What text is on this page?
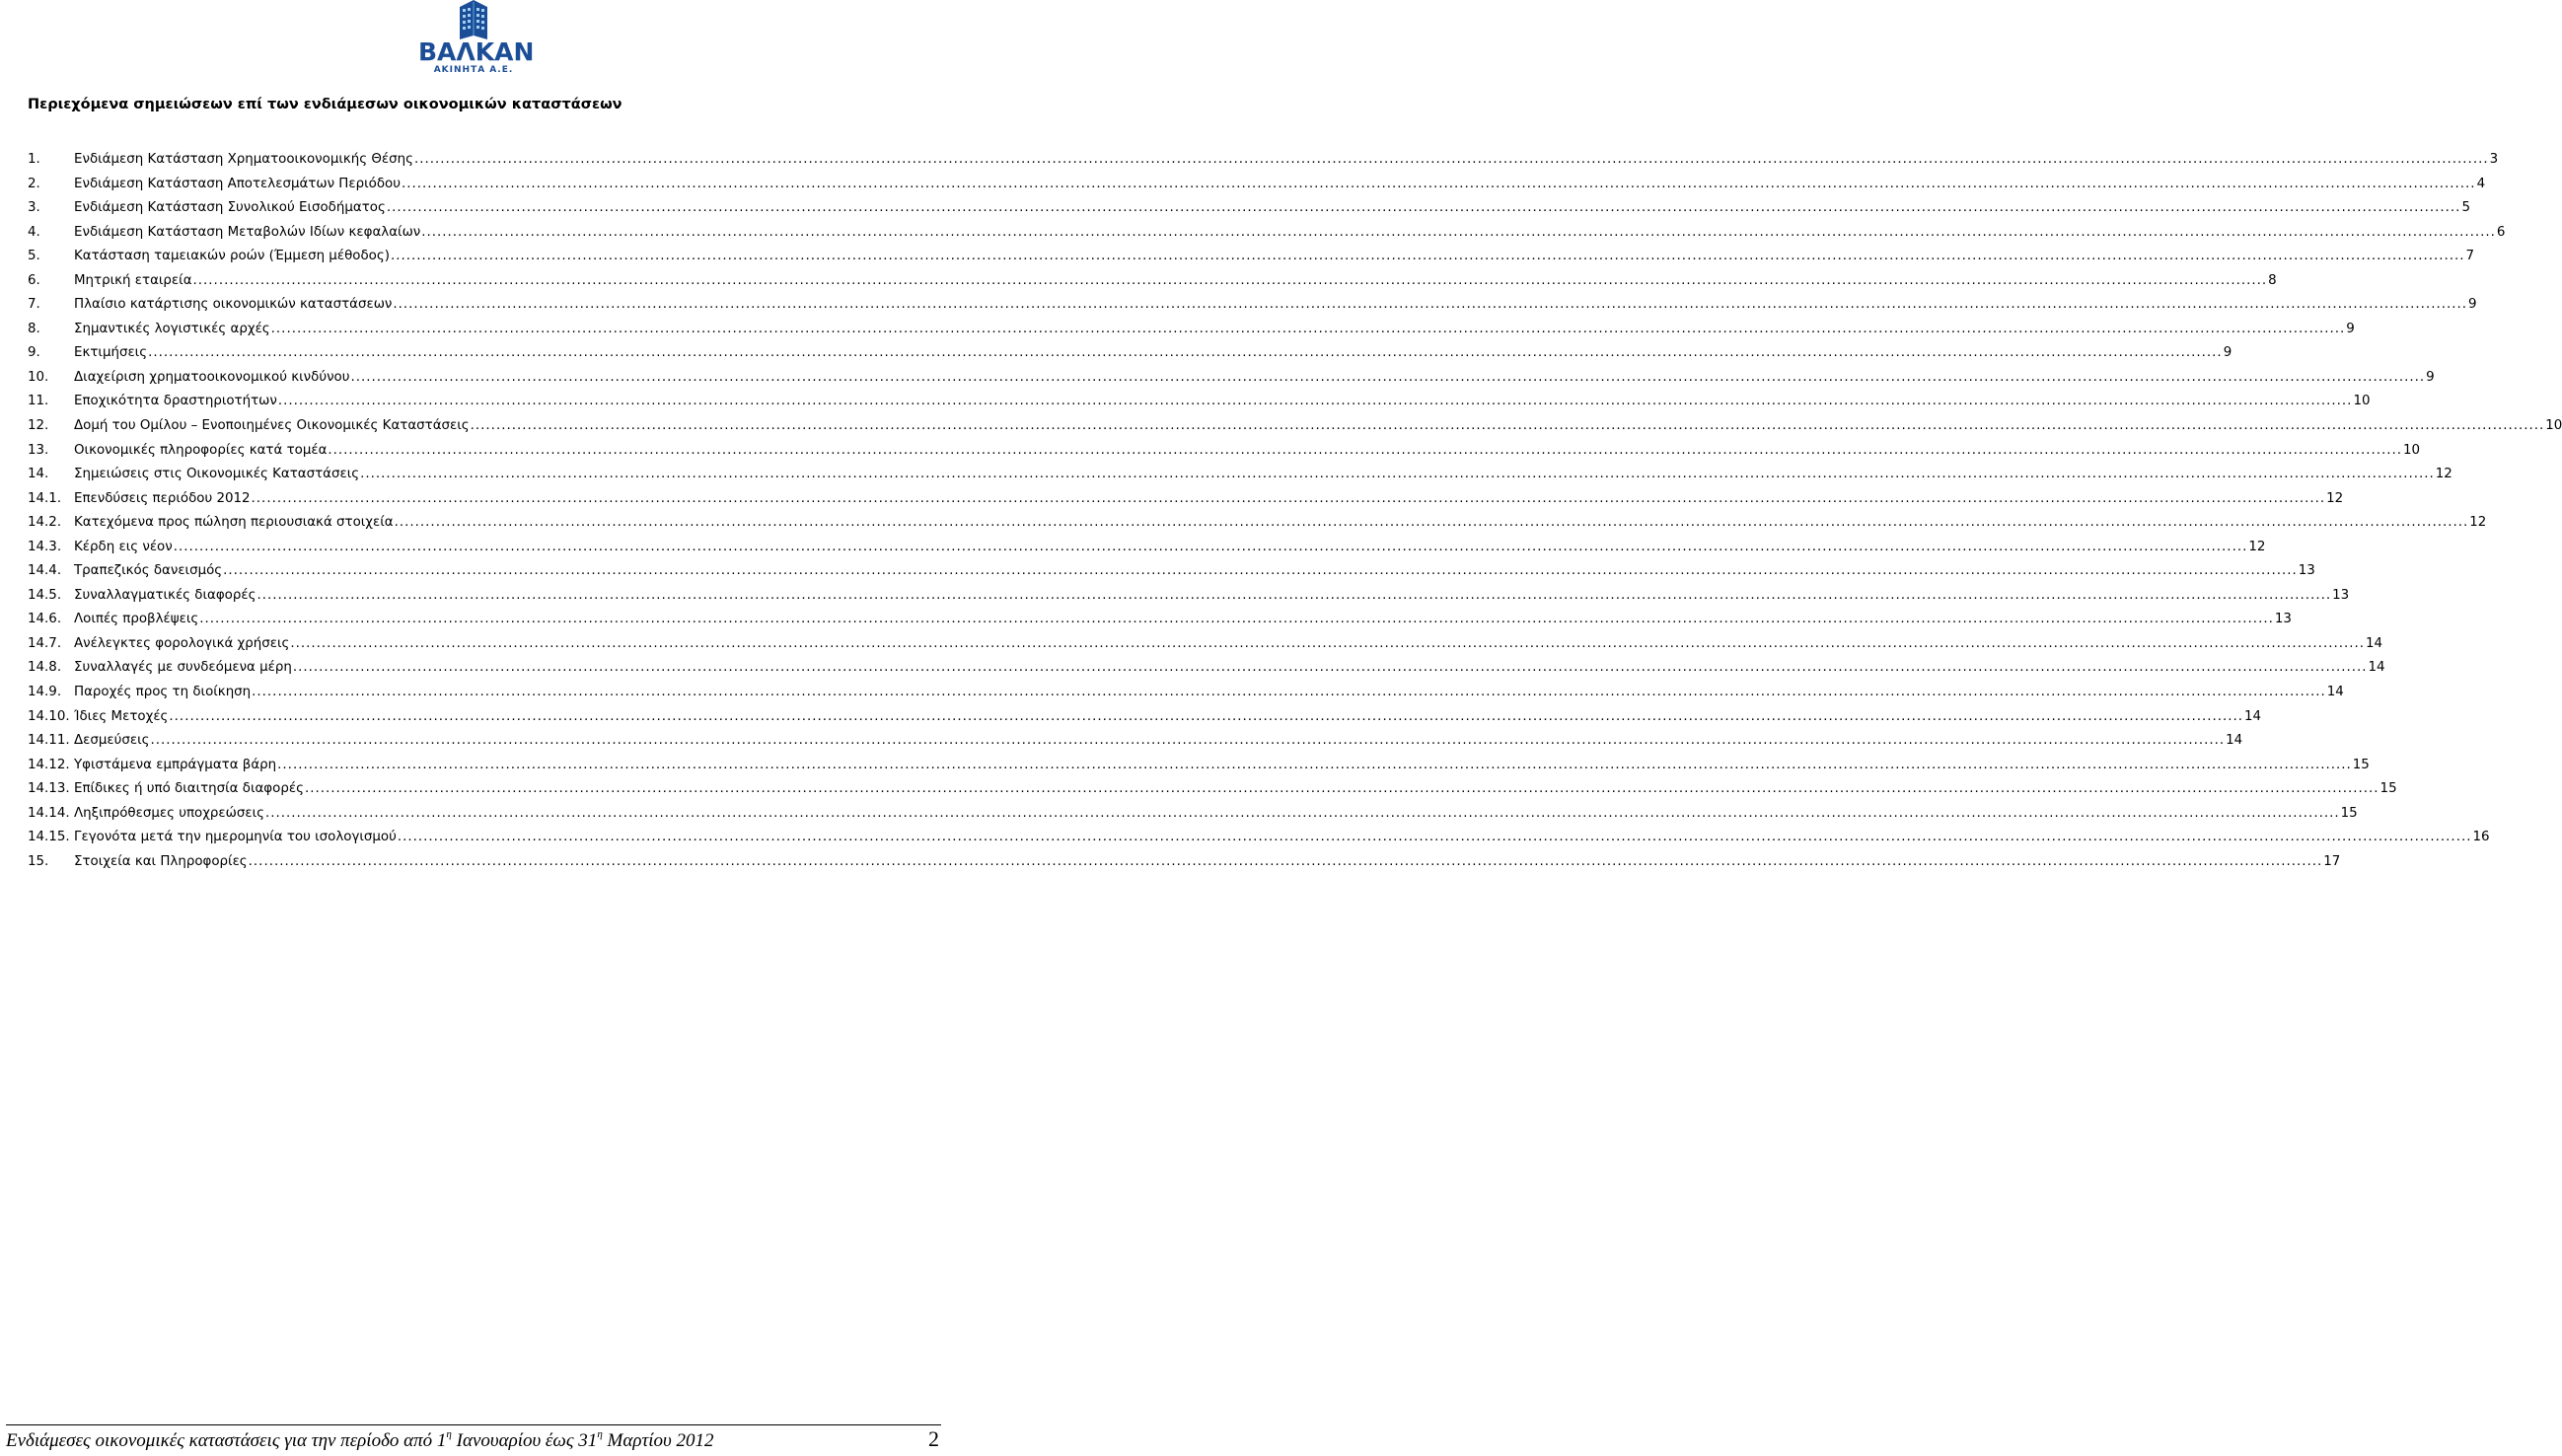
ΒΑΛΚΑΝ
ΑΚΙΝΗΤΑ Α.Ε.
Περιεχόμενα σημειώσεων επί των ενδιάμεσων οικονομικών καταστάσεων
1.	Ενδιάμεση Κατάσταση Χρηματοοικονομικής Θέσης ................................................................................................................................................................................................................................................................................................................................................................................................................ 3
2.	Ενδιάμεση Κατάσταση Αποτελεσμάτων Περιόδου ................................................................................................................................................................................................................................................................................................................................................................................................................ 4
3.	Ενδιάμεση Κατάσταση Συνολικού Εισοδήματος ................................................................................................................................................................................................................................................................................................................................................................................................................ 5
4.	Ενδιάμεση Κατάσταση Μεταβολών Ιδίων κεφαλαίων ................................................................................................................................................................................................................................................................................................................................................................................................................ 6
5.	Κατάσταση ταμειακών ροών (Έμμεση μέθοδος) ................................................................................................................................................................................................................................................................................................................................................................................................................ 7
6.	Μητρική εταιρεία ................................................................................................................................................................................................................................................................................................................................................................................................................ 8
7.	Πλαίσιο κατάρτισης οικονομικών καταστάσεων ................................................................................................................................................................................................................................................................................................................................................................................................................ 9
8.	Σημαντικές λογιστικές αρχές ................................................................................................................................................................................................................................................................................................................................................................................................................ 9
9.	Εκτιμήσεις ................................................................................................................................................................................................................................................................................................................................................................................................................ 9
10. Διαχείριση χρηματοοικονομικού κινδύνου ................................................................................................................................................................................................................................................................................................................................................................................................................ 9
11. Εποχικότητα δραστηριοτήτων ................................................................................................................................................................................................................................................................................................................................................................................................................ 10
12. Δομή του Ομίλου – Ενοποιημένες Οικονομικές Καταστάσεις ................................................................................................................................................................................................................................................................................................................................................................................................................ 10
13. Οικονομικές πληροφορίες κατά τομέα ................................................................................................................................................................................................................................................................................................................................................................................................................ 10
14. Σημειώσεις στις Οικονομικές Καταστάσεις ................................................................................................................................................................................................................................................................................................................................................................................................................ 12
14.1. Επενδύσεις περιόδου 2012 ................................................................................................................................................................................................................................................................................................................................................................................................................ 12
14.2. Κατεχόμενα προς πώληση περιουσιακά στοιχεία ................................................................................................................................................................................................................................................................................................................................................................................................................ 12
14.3. Κέρδη εις νέον ................................................................................................................................................................................................................................................................................................................................................................................................................ 12
14.4. Τραπεζικός δανεισμός ................................................................................................................................................................................................................................................................................................................................................................................................................ 13
14.5. Συναλλαγματικές διαφορές ................................................................................................................................................................................................................................................................................................................................................................................................................ 13
14.6. Λοιπές προβλέψεις ................................................................................................................................................................................................................................................................................................................................................................................................................ 13
14.7. Ανέλεγκτες φορολογικά χρήσεις ................................................................................................................................................................................................................................................................................................................................................................................................................ 14
14.8. Συναλλαγές με συνδεόμενα μέρη ................................................................................................................................................................................................................................................................................................................................................................................................................ 14
14.9. Παροχές προς τη διοίκηση ................................................................................................................................................................................................................................................................................................................................................................................................................ 14
14.10. Ίδιες Μετοχές ................................................................................................................................................................................................................................................................................................................................................................................................................ 14
14.11. Δεσμεύσεις ................................................................................................................................................................................................................................................................................................................................................................................................................ 14
14.12. Υφιστάμενα εμπράγματα βάρη ................................................................................................................................................................................................................................................................................................................................................................................................................ 15
14.13. Επίδικες ή υπό διαιτησία διαφορές ................................................................................................................................................................................................................................................................................................................................................................................................................ 15
14.14. Ληξιπρόθεσμες υποχρεώσεις ................................................................................................................................................................................................................................................................................................................................................................................................................ 15
14.15. Γεγονότα μετά την ημερομηνία του ισολογισμού ................................................................................................................................................................................................................................................................................................................................................................................................................ 16
15. Στοιχεία και Πληροφορίες ................................................................................................................................................................................................................................................................................................................................................................................................................ 17
Ενδιάμεσες οικονομικές καταστάσεις για την περίοδο από $1^\eta$ Ιανουαρίου έως $31^\eta$ Μαρτίου 2012	2
